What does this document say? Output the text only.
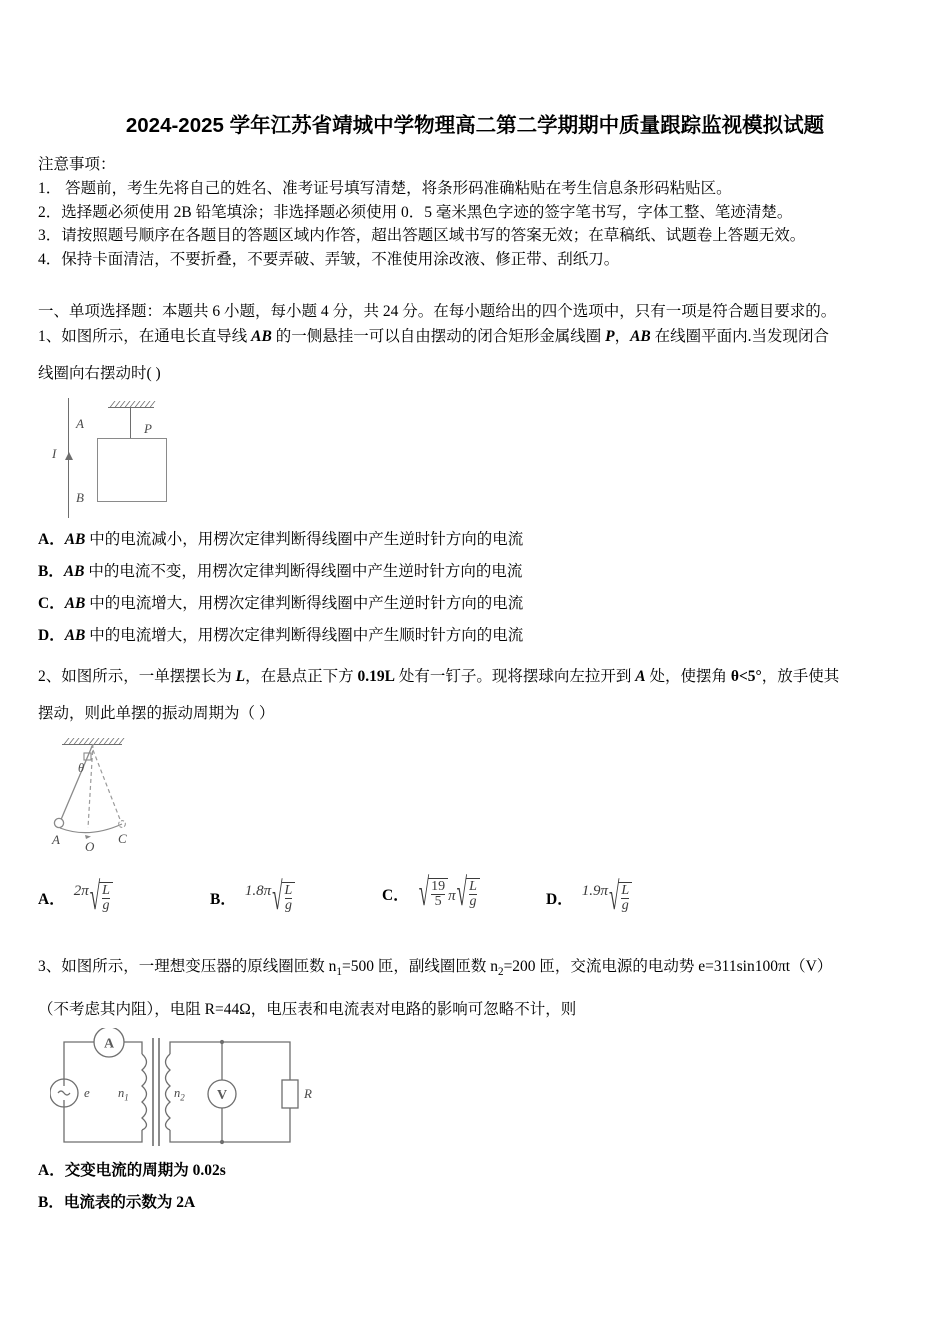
2024-2025 学年江苏省靖城中学物理高二第二学期期中质量跟踪监视模拟试题
注意事项：
1． 答题前，考生先将自己的姓名、准考证号填写清楚，将条形码准确粘贴在考生信息条形码粘贴区。
2．选择题必须使用 2B 铅笔填涂；非选择题必须使用 0．5 毫米黑色字迹的签字笔书写，字体工整、笔迹清楚。
3．请按照题号顺序在各题目的答题区域内作答，超出答题区域书写的答案无效；在草稿纸、试题卷上答题无效。
4．保持卡面清洁，不要折叠，不要弄破、弄皱，不准使用涂改液、修正带、刮纸刀。
一、单项选择题：本题共 6 小题，每小题 4 分，共 24 分。在每小题给出的四个选项中，只有一项是符合题目要求的。
1、如图所示，在通电长直导线 AB 的一侧悬挂一可以自由摆动的闭合矩形金属线圈 P，AB 在线圈平面内.当发现闭合
线圈向右摆动时( )
I
A
B
P
A．AB 中的电流减小，用楞次定律判断得线圈中产生逆时针方向的电流
B．AB 中的电流不变，用楞次定律判断得线圈中产生逆时针方向的电流
C．AB 中的电流增大，用楞次定律判断得线圈中产生逆时针方向的电流
D．AB 中的电流增大，用楞次定律判断得线圈中产生顺时针方向的电流
2、如图所示，一单摆摆长为 L，在悬点正下方 0.19L 处有一钉子。现将摆球向左拉开到 A 处，使摆角 θ<5°，放手使其
摆动，则此单摆的振动周期为（ ）
θ
A O
C
A． 2π √ L
g	B． 1.8π √ L
g
C． √ 19
5 π √ L
g	D． 1.9π √ L
g
3、如图所示，一理想变压器的原线圈匝数 $n_1=500$ 匝，副线圈匝数 $n_2=200$ 匝，交流电源的电动势 e=311sin100πt（V）
（不考虑其内阻），电阻 R=44Ω，电压表和电流表对电路的影响可忽略不计，则
A
V
e $n_1$	$n_2$	R
A．交变电流的周期为 0.02s
B．电流表的示数为 2A
